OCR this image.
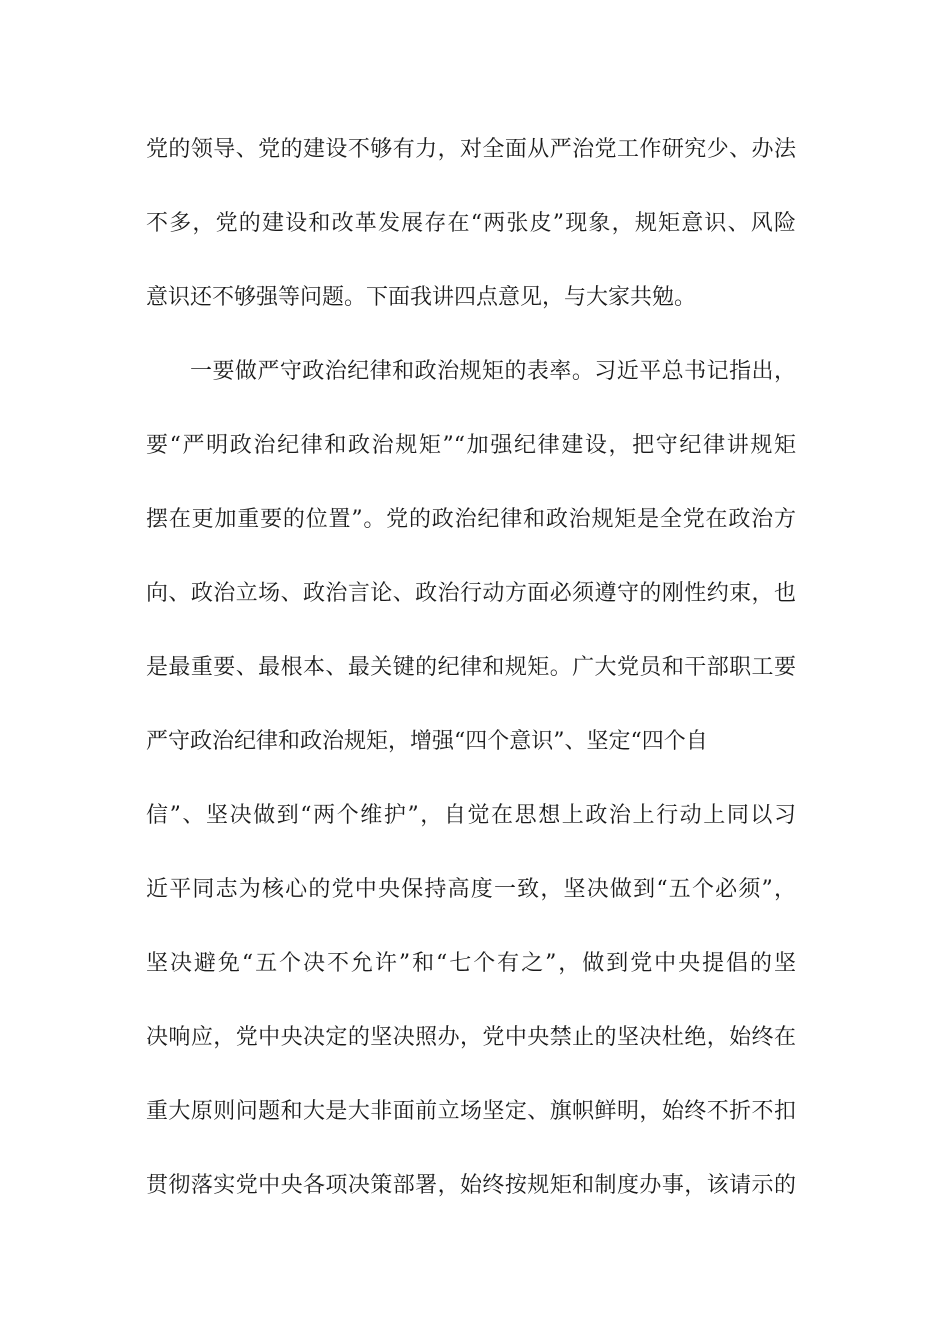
党的领导、党的建设不够有力，对全面从严治党工作研究少、办法
不多，党的建设和改革发展存在“两张皮”现象，规矩意识、风险
意识还不够强等问题。下面我讲四点意见，与大家共勉。
一要做严守政治纪律和政治规矩的表率。习近平总书记指出，
要“严明政治纪律和政治规矩”“加强纪律建设，把守纪律讲规矩
摆在更加重要的位置”。党的政治纪律和政治规矩是全党在政治方
向、政治立场、政治言论、政治行动方面必须遵守的刚性约束，也
是最重要、最根本、最关键的纪律和规矩。广大党员和干部职工要
严守政治纪律和政治规矩，增强“四个意识”、坚定“四个自
信”、坚决做到“两个维护”，自觉在思想上政治上行动上同以习
近平同志为核心的党中央保持高度一致，坚决做到“五个必须”，
坚决避免“五个决不允许”和“七个有之”，做到党中央提倡的坚
决响应，党中央决定的坚决照办，党中央禁止的坚决杜绝，始终在
重大原则问题和大是大非面前立场坚定、旗帜鲜明，始终不折不扣
贯彻落实党中央各项决策部署，始终按规矩和制度办事，该请示的
